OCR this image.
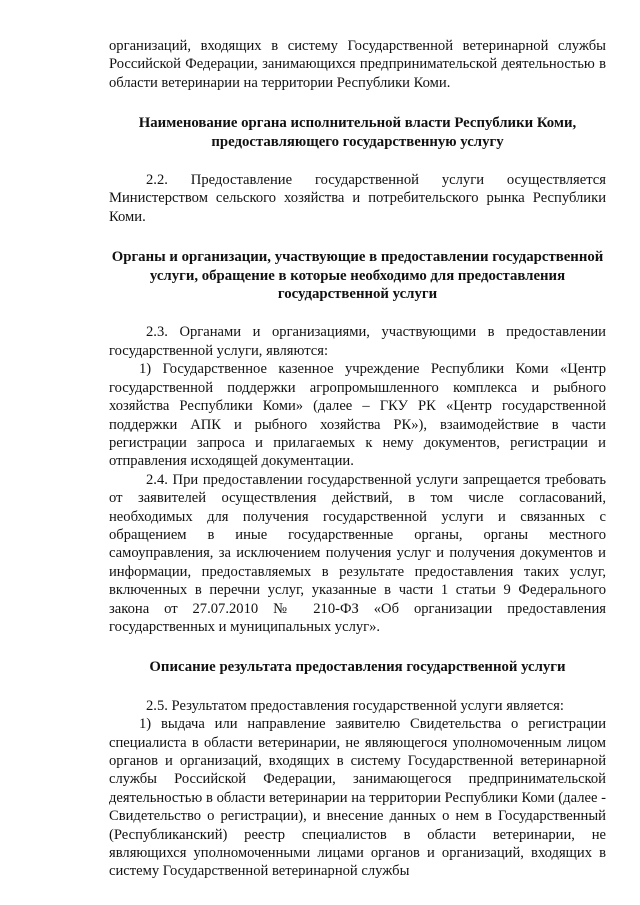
организаций, входящих в систему Государственной ветеринарной службы Российской Федерации, занимающихся предпринимательской деятельностью в области ветеринарии на территории Республики Коми.

Наименование органа исполнительной власти Республики Коми, предоставляющего государственную услугу

2.2. Предоставление государственной услуги осуществляется Министерством сельского хозяйства и потребительского рынка Республики Коми.

Органы и организации, участвующие в предоставлении государственной услуги, обращение в которые необходимо для предоставления государственной услуги

2.3. Органами и организациями, участвующими в предоставлении государственной услуги, являются:

1) Государственное казенное учреждение Республики Коми «Центр государственной поддержки агропромышленного комплекса и рыбного хозяйства Республики Коми» (далее – ГКУ РК «Центр государственной поддержки АПК и рыбного хозяйства РК»), взаимодействие в части регистрации запроса и прилагаемых к нему документов, регистрации и отправления исходящей документации.

2.4. При предоставлении государственной услуги запрещается требовать от заявителей осуществления действий, в том числе согласований, необходимых для получения государственной услуги и связанных с обращением в иные государственные органы, органы местного самоуправления, за исключением получения услуг и получения документов и информации, предоставляемых в результате предоставления таких услуг, включенных в перечни услуг, указанные в части 1 статьи 9 Федерального закона от 27.07.2010 № 210-ФЗ «Об организации предоставления государственных и муниципальных услуг».

Описание результата предоставления государственной услуги

2.5. Результатом предоставления государственной услуги является:

1) выдача или направление заявителю Свидетельства о регистрации специалиста в области ветеринарии, не являющегося уполномоченным лицом органов и организаций, входящих в систему Государственной ветеринарной службы Российской Федерации, занимающегося предпринимательской деятельностью в области ветеринарии на территории Республики Коми (далее - Свидетельство о регистрации), и внесение данных о нем в Государственный (Республиканский) реестр специалистов в области ветеринарии, не являющихся уполномоченными лицами органов и организаций, входящих в систему Государственной ветеринарной службы
